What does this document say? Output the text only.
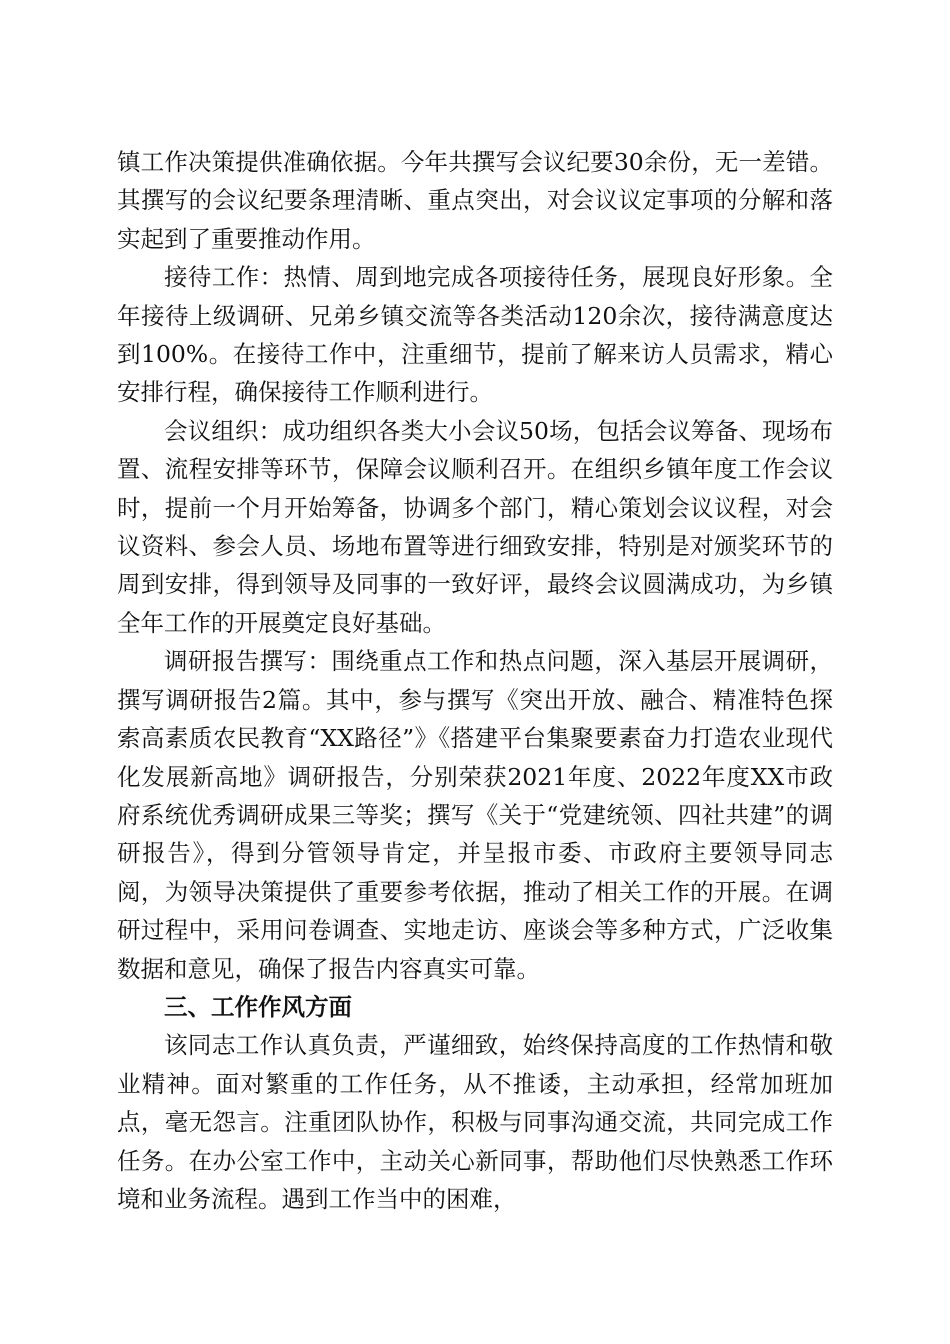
镇工作决策提供准确依据。今年共撰写会议纪要30余份，无一差错。其撰写的会议纪要条理清晰、重点突出，对会议议定事项的分解和落实起到了重要推动作用。

接待工作：热情、周到地完成各项接待任务，展现良好形象。全年接待上级调研、兄弟乡镇交流等各类活动120余次，接待满意度达到100%。在接待工作中，注重细节，提前了解来访人员需求，精心安排行程，确保接待工作顺利进行。

会议组织：成功组织各类大小会议50场，包括会议筹备、现场布置、流程安排等环节，保障会议顺利召开。在组织乡镇年度工作会议时，提前一个月开始筹备，协调多个部门，精心策划会议议程，对会议资料、参会人员、场地布置等进行细致安排，特别是对颁奖环节的周到安排，得到领导及同事的一致好评，最终会议圆满成功，为乡镇全年工作的开展奠定良好基础。

调研报告撰写：围绕重点工作和热点问题，深入基层开展调研，撰写调研报告2篇。其中，参与撰写《突出开放、融合、精准特色探索高素质农民教育“XX路径”》《搭建平台集聚要素奋力打造农业现代化发展新高地》调研报告，分别荣获2021年度、2022年度XX市政府系统优秀调研成果三等奖；撰写《关于“党建统领、四社共建”的调研报告》，得到分管领导肯定，并呈报市委、市政府主要领导同志阅，为领导决策提供了重要参考依据，推动了相关工作的开展。在调研过程中，采用问卷调查、实地走访、座谈会等多种方式，广泛收集数据和意见，确保了报告内容真实可靠。

三、工作作风方面

该同志工作认真负责，严谨细致，始终保持高度的工作热情和敬业精神。面对繁重的工作任务，从不推诿，主动承担，经常加班加点，毫无怨言。注重团队协作，积极与同事沟通交流，共同完成工作任务。在办公室工作中，主动关心新同事，帮助他们尽快熟悉工作环境和业务流程。遇到工作当中的困难，
